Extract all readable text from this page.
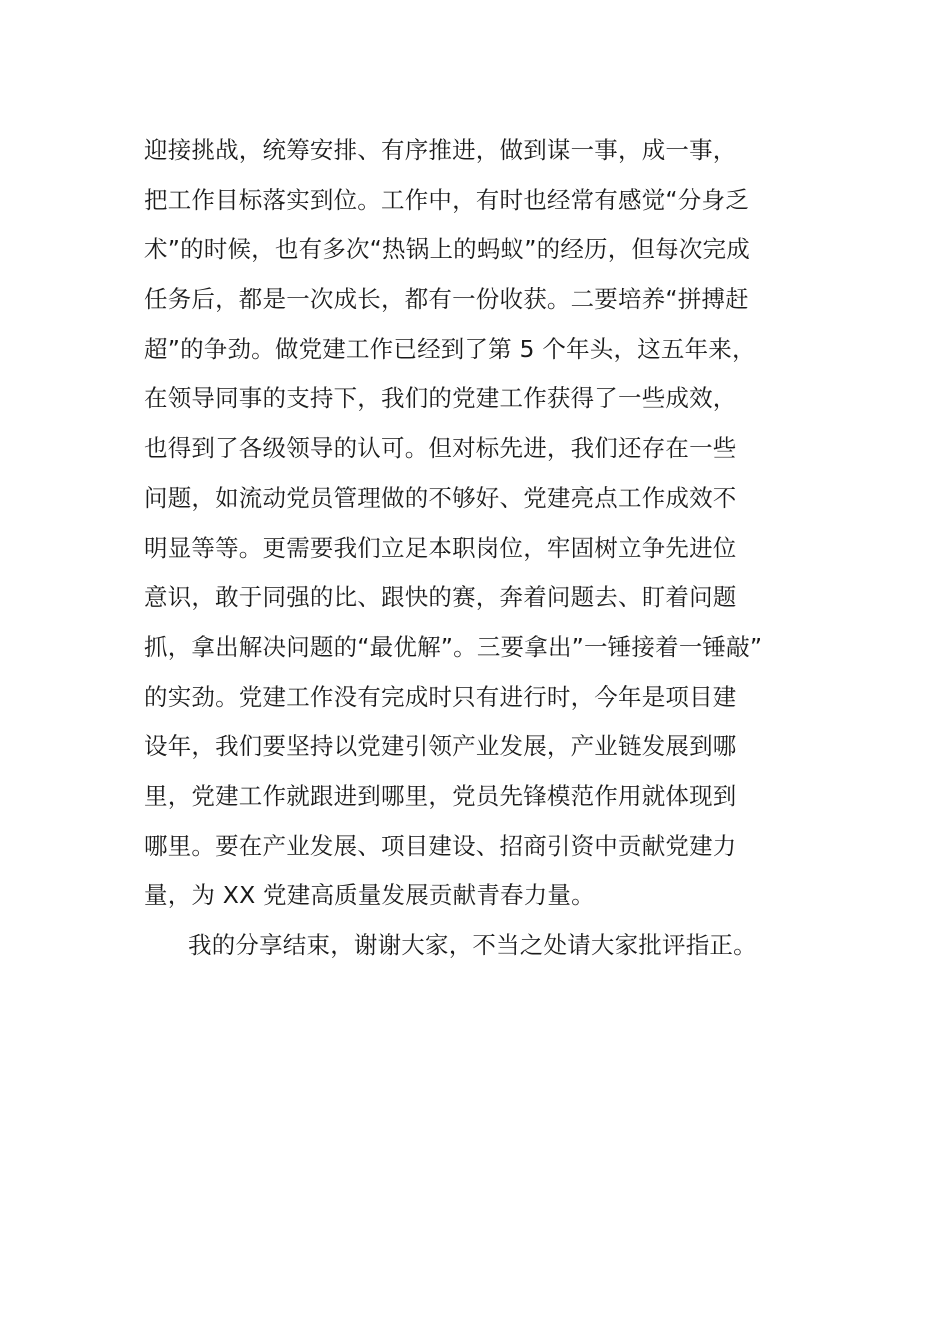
迎接挑战，统筹安排、有序推进，做到谋一事，成一事，
把工作目标落实到位。工作中，有时也经常有感觉“分身乏
术”的时候，也有多次“热锅上的蚂蚁”的经历，但每次完成
任务后，都是一次成长，都有一份收获。二要培养“拼搏赶
超”的争劲。做党建工作已经到了第 5 个年头，这五年来，
在领导同事的支持下，我们的党建工作获得了一些成效，
也得到了各级领导的认可。但对标先进，我们还存在一些
问题，如流动党员管理做的不够好、党建亮点工作成效不
明显等等。更需要我们立足本职岗位，牢固树立争先进位
意识，敢于同强的比、跟快的赛，奔着问题去、盯着问题
抓，拿出解决问题的“最优解”。三要拿出”一锤接着一锤敲”
的实劲。党建工作没有完成时只有进行时，今年是项目建
设年，我们要坚持以党建引领产业发展，产业链发展到哪
里，党建工作就跟进到哪里，党员先锋模范作用就体现到
哪里。要在产业发展、项目建设、招商引资中贡献党建力
量，为 XX 党建高质量发展贡献青春力量。
我的分享结束，谢谢大家，不当之处请大家批评指正。
